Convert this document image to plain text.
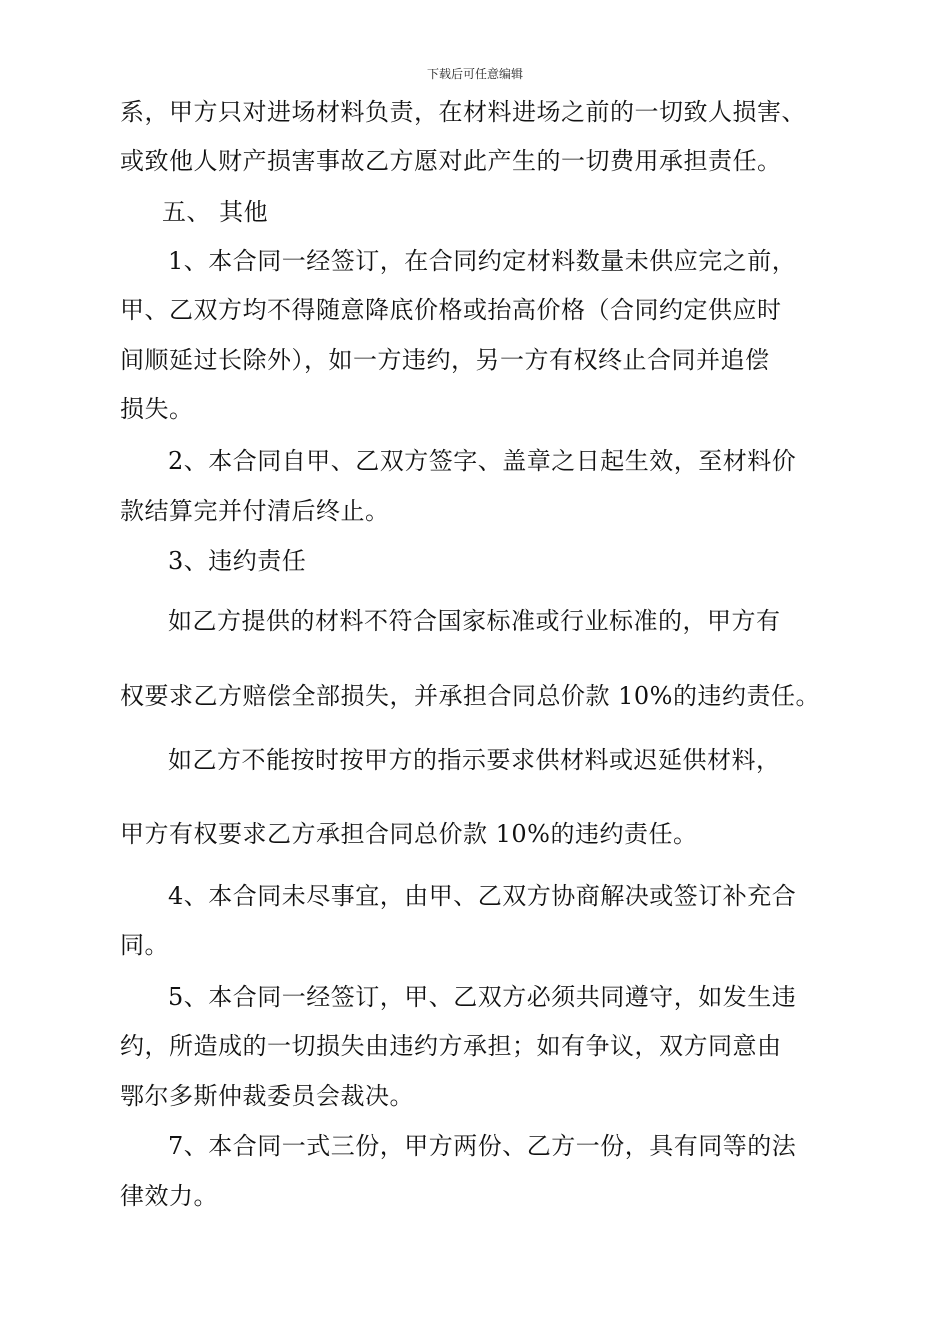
下载后可任意编辑
系，甲方只对进场材料负责，在材料进场之前的一切致人损害、
或致他人财产损害事故乙方愿对此产生的一切费用承担责任。
五、 其他
1、本合同一经签订，在合同约定材料数量未供应完之前，
甲、乙双方均不得随意降底价格或抬高价格（合同约定供应时
间顺延过长除外），如一方违约，另一方有权终止合同并追偿
损失。
2、本合同自甲、乙双方签字、盖章之日起生效，至材料价
款结算完并付清后终止。
3、违约责任
如乙方提供的材料不符合国家标准或行业标准的，甲方有
权要求乙方赔偿全部损失，并承担合同总价款 10%的违约责任。
如乙方不能按时按甲方的指示要求供材料或迟延供材料，
甲方有权要求乙方承担合同总价款 10%的违约责任。
4、本合同未尽事宜，由甲、乙双方协商解决或签订补充合
同。
5、本合同一经签订，甲、乙双方必须共同遵守，如发生违
约，所造成的一切损失由违约方承担；如有争议，双方同意由
鄂尔多斯仲裁委员会裁决。
7、本合同一式三份，甲方两份、乙方一份，具有同等的法
律效力。
